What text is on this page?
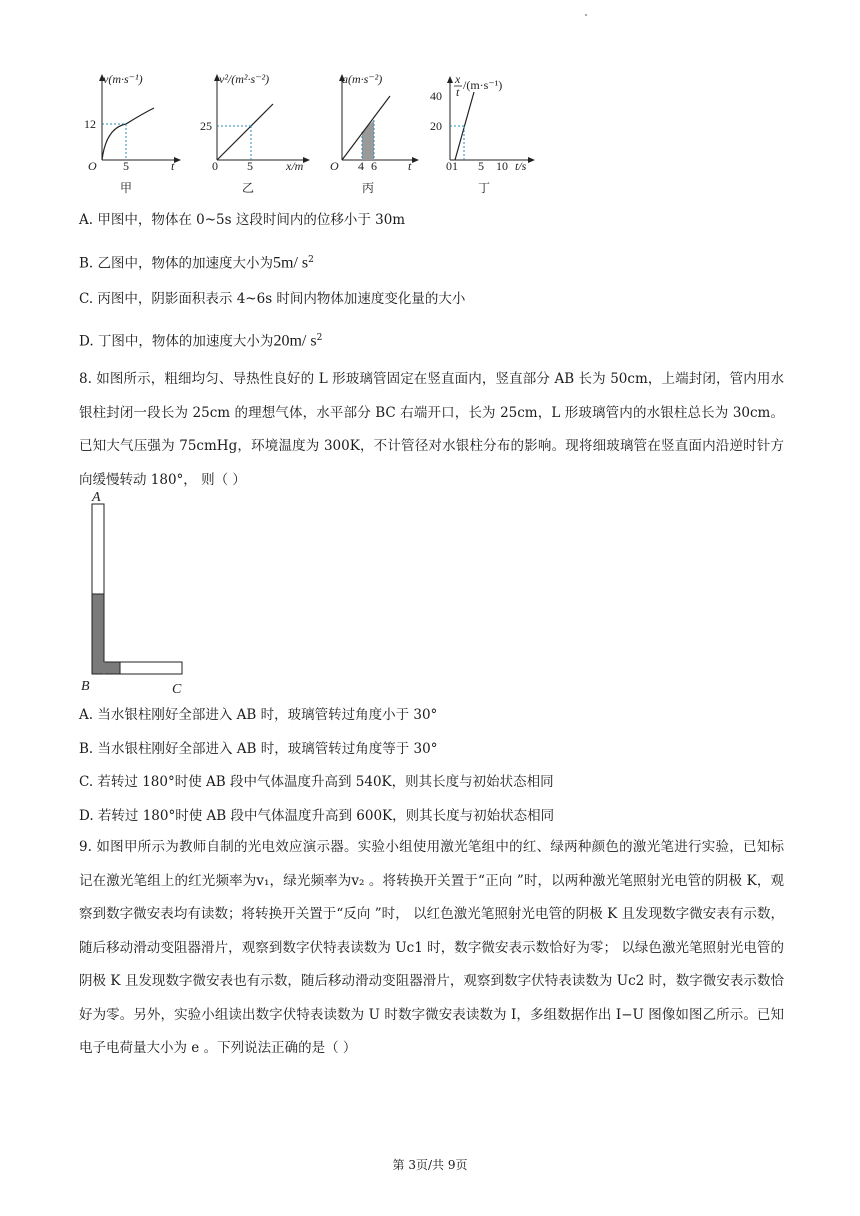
v(m·s⁻¹)
12
O 5	t
甲
v²/(m²·s⁻²)
25
0 5	x/m
乙
a(m·s⁻²)
O 4 6	t
丙
x
t /(m·s⁻¹)
40
20
01 5 10 t/s
丁
A. 甲图中，物体在 0~5s 这段时间内的位移小于 30m
B. 乙图中，物体的加速度大小为5m/ $s^2$
C. 丙图中，阴影面积表示 4~6s 时间内物体加速度变化量的大小
D. 丁图中，物体的加速度大小为20m/ $s^2$
8. 如图所示，粗细均匀、导热性良好的 L 形玻璃管固定在竖直面内，竖直部分 AB 长为 50cm，上端封闭，管内用水银柱封闭一段长为 25cm 的理想气体，水平部分 BC 右端开口，长为 25cm，L 形玻璃管内的水银柱总长为 30cm。已知大气压强为 75cmHg，环境温度为 300K，不计管径对水银柱分布的影响。现将细玻璃管在竖直面内沿逆时针方向缓慢转动 180°， 则（ ）
A
B	C
A. 当水银柱刚好全部进入 AB 时，玻璃管转过角度小于 30°
B. 当水银柱刚好全部进入 AB 时，玻璃管转过角度等于 30°
C. 若转过 180°时使 AB 段中气体温度升高到 540K，则其长度与初始状态相同
D. 若转过 180°时使 AB 段中气体温度升高到 600K，则其长度与初始状态相同
9. 如图甲所示为教师自制的光电效应演示器。实验小组使用激光笔组中的红、绿两种颜色的激光笔进行实验，已知标记在激光笔组上的红光频率为v₁，绿光频率为v₂ 。将转换开关置于“正向 ”时，以两种激光笔照射光电管的阴极 K，观察到数字微安表均有读数；将转换开关置于“反向 ”时， 以红色激光笔照射光电管的阴极 K 且发现数字微安表有示数，随后移动滑动变阻器滑片，观察到数字伏特表读数为 Uc1 时，数字微安表示数恰好为零； 以绿色激光笔照射光电管的阴极 K 且发现数字微安表也有示数，随后移动滑动变阻器滑片，观察到数字伏特表读数为 Uc2 时，数字微安表示数恰好为零。另外，实验小组读出数字伏特表读数为 U 时数字微安表读数为 I，多组数据作出 I−U 图像如图乙所示。已知电子电荷量大小为 e 。下列说法正确的是（ ）
第 3页/共 9页
